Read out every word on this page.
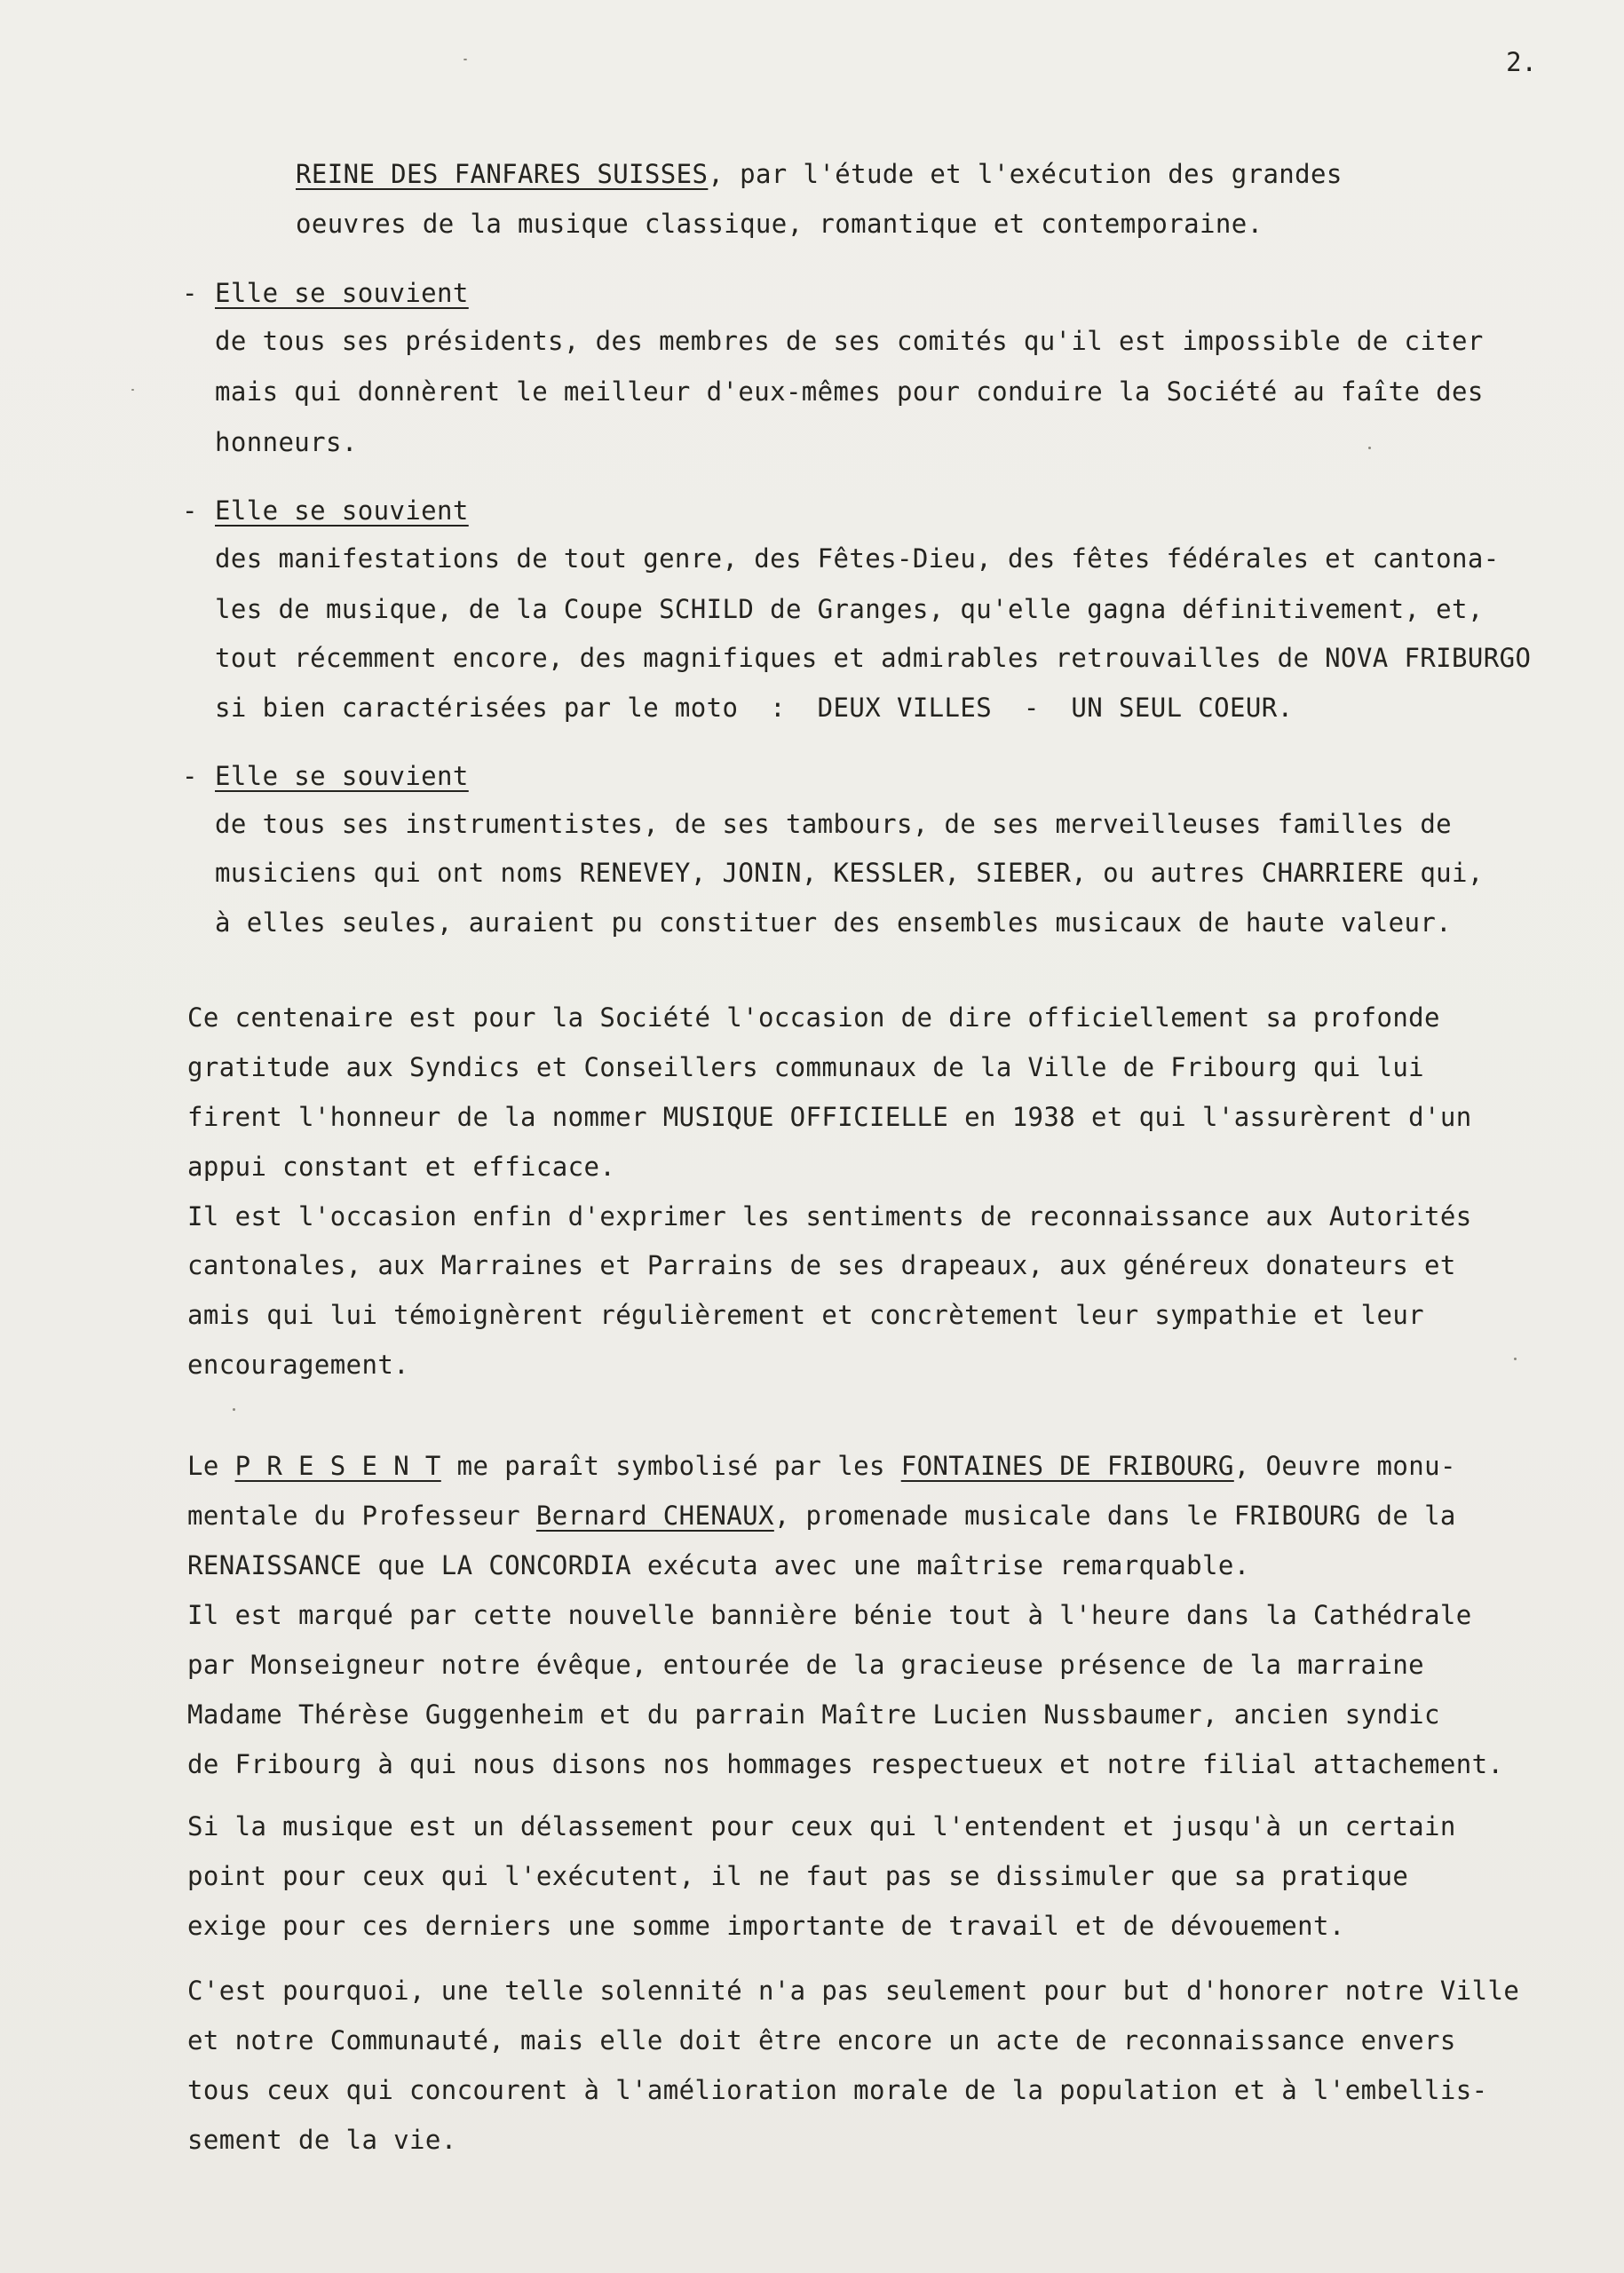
2.
REINE DES FANFARES SUISSES, par l'étude et l'exécution des grandes
oeuvres de la musique classique, romantique et contemporaine.
- Elle se souvient
de tous ses présidents, des membres de ses comités qu'il est impossible de citer
mais qui donnèrent le meilleur d'eux-mêmes pour conduire la Société au faîte des
honneurs.
- Elle se souvient
des manifestations de tout genre, des Fêtes-Dieu, des fêtes fédérales et cantona-
les de musique, de la Coupe SCHILD de Granges, qu'elle gagna définitivement, et,
tout récemment encore, des magnifiques et admirables retrouvailles de NOVA FRIBURGO
si bien caractérisées par le moto  :  DEUX VILLES  -  UN SEUL COEUR.
- Elle se souvient
de tous ses instrumentistes, de ses tambours, de ses merveilleuses familles de
musiciens qui ont noms RENEVEY, JONIN, KESSLER, SIEBER, ou autres CHARRIERE qui,
à elles seules, auraient pu constituer des ensembles musicaux de haute valeur.
Ce centenaire est pour la Société l'occasion de dire officiellement sa profonde
gratitude aux Syndics et Conseillers communaux de la Ville de Fribourg qui lui
firent l'honneur de la nommer MUSIQUE OFFICIELLE en 1938 et qui l'assurèrent d'un
appui constant et efficace.
Il est l'occasion enfin d'exprimer les sentiments de reconnaissance aux Autorités
cantonales, aux Marraines et Parrains de ses drapeaux, aux généreux donateurs et
amis qui lui témoignèrent régulièrement et concrètement leur sympathie et leur
encouragement.
Le P R E S E N T me paraît symbolisé par les FONTAINES DE FRIBOURG, Oeuvre monu-
mentale du Professeur Bernard CHENAUX, promenade musicale dans le FRIBOURG de la
RENAISSANCE que LA CONCORDIA exécuta avec une maîtrise remarquable.
Il est marqué par cette nouvelle bannière bénie tout à l'heure dans la Cathédrale
par Monseigneur notre évêque, entourée de la gracieuse présence de la marraine
Madame Thérèse Guggenheim et du parrain Maître Lucien Nussbaumer, ancien syndic
de Fribourg à qui nous disons nos hommages respectueux et notre filial attachement.
Si la musique est un délassement pour ceux qui l'entendent et jusqu'à un certain
point pour ceux qui l'exécutent, il ne faut pas se dissimuler que sa pratique
exige pour ces derniers une somme importante de travail et de dévouement.
C'est pourquoi, une telle solennité n'a pas seulement pour but d'honorer notre Ville
et notre Communauté, mais elle doit être encore un acte de reconnaissance envers
tous ceux qui concourent à l'amélioration morale de la population et à l'embellis-
sement de la vie.
